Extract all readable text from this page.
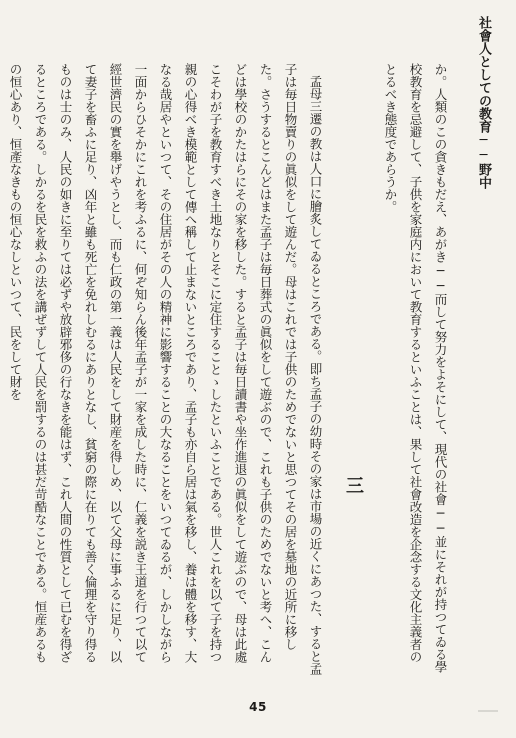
社會人としての教育──野中

か。人類のこの貪きもだえ、あがき──而して努力をよそにして、現代の社會──並にそれが持つてゐる學校教育を忌避して、子供を家庭内において教育するといふことは、果して社會改造を企念する文化主義者のとるべき態度であらうか。

三

孟母三遷の教は人口に膾炙してゐるところである。即ち孟子の幼時その家は市場の近くにあつた、すると孟子は毎日物賣りの眞似をして遊んだ。母はこれでは子供のためでないと思つてその居を墓地の近所に移した。さうするとこんどはまた孟子は毎日葬式の眞似をして遊ぶので、これも子供のためでないと考へ、こんどは學校のかたはらにその家を移した。すると孟子は毎日讀書や坐作進退の眞似をして遊ぶので、母は此處こそわが子を教育すべき土地なりとそこに定住することゝしたといふことである。世人これを以て子を持つ親の心得べき模範として傳へ稱して止まないところであり、孟子も亦自ら居は氣を移し、養は體を移す、大なる哉居やといつて、その住居がその人の精神に影響することの大なることをいつてゐるが、しかしながら一面からひそかにこれを考ふるに、何ぞ知らん後年孟子が一家を成した時に、仁義を説き王道を行つて以て經世濟民の實を舉げやうとし、而も仁政の第一義は人民をして財産を得しめ、以て父母に事ふるに足り、以て妻子を畜ふに足り、凶年と雖も死亡を免れしむるにありとなし、貧窮の際に在りても善く倫理を守り得るものは士のみ、人民の如きに至りては必ずや放辟邪侈の行なきを能はず、これ人間の性質として已むを得ざるところである。しかるを民を救ふの法を講ぜずして人民を罰するのは甚だ苛酷なことである。恒産あるもの恒心あり、恒產なきもの恒心なしといつて、民をして財を

45
